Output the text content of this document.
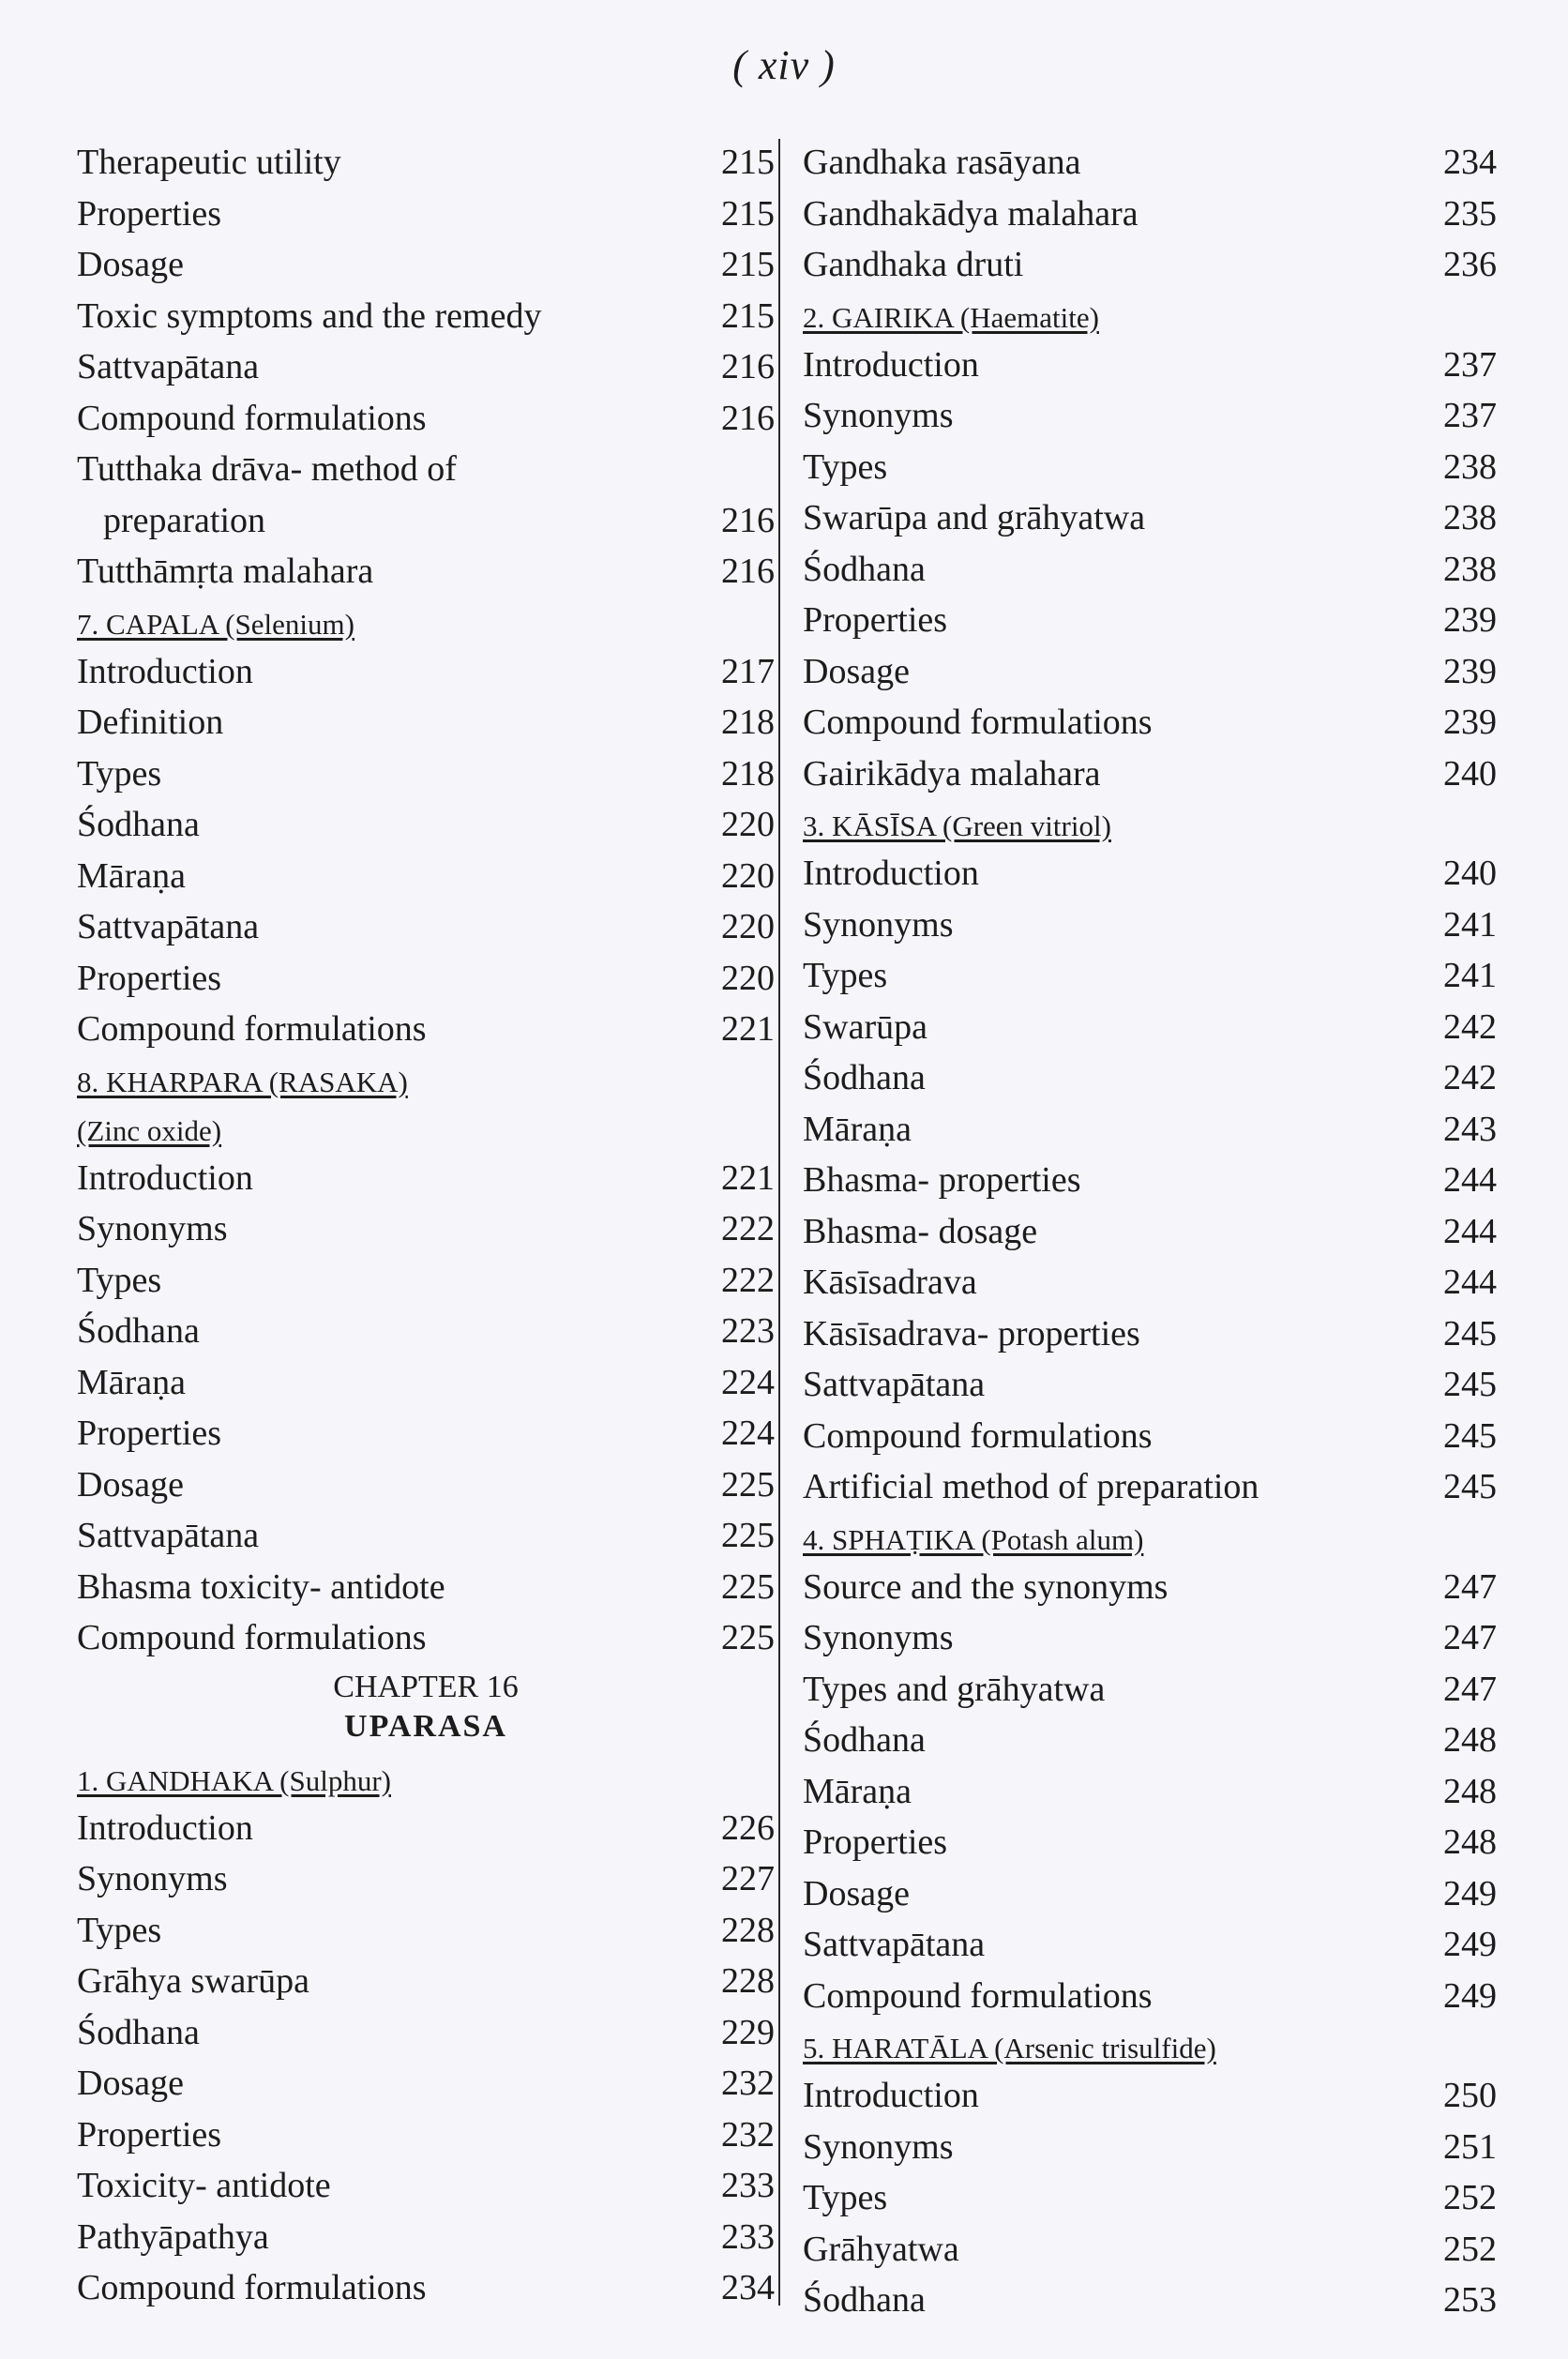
( xiv )
Therapeutic utility	215
Properties	215
Dosage	215
Toxic symptoms and the remedy	215
Sattvapātana	216
Compound formulations	216
Tutthaka drāva- method of
preparation	216
Tutthāmṛta malahara	216
7. CAPALA (Selenium)
Introduction	217
Definition	218
Types	218
Śodhana	220
Māraṇa	220
Sattvapātana	220
Properties	220
Compound formulations	221
8. KHARPARA (RASAKA)
(Zinc oxide)
Introduction	221
Synonyms	222
Types	222
Śodhana	223
Māraṇa	224
Properties	224
Dosage	225
Sattvapātana	225
Bhasma toxicity- antidote	225
Compound formulations	225
CHAPTER 16
UPARASA
1. GANDHAKA (Sulphur)
Introduction	226
Synonyms	227
Types	228
Grāhya swarūpa	228
Śodhana	229
Dosage	232
Properties	232
Toxicity- antidote	233
Pathyāpathya	233
Compound formulations	234
Gandhaka rasāyana	234
Gandhakādya malahara	235
Gandhaka druti	236
2. GAIRIKA (Haematite)
Introduction	237
Synonyms	237
Types	238
Swarūpa and grāhyatwa	238
Śodhana	238
Properties	239
Dosage	239
Compound formulations	239
Gairikādya malahara	240
3. KĀSĪSA (Green vitriol)
Introduction	240
Synonyms	241
Types	241
Swarūpa	242
Śodhana	242
Māraṇa	243
Bhasma- properties	244
Bhasma- dosage	244
Kāsīsadrava	244
Kāsīsadrava- properties	245
Sattvapātana	245
Compound formulations	245
Artificial method of preparation	245
4. SPHAṬIKA (Potash alum)
Source and the synonyms	247
Synonyms	247
Types and grāhyatwa	247
Śodhana	248
Māraṇa	248
Properties	248
Dosage	249
Sattvapātana	249
Compound formulations	249
5. HARATĀLA (Arsenic trisulfide)
Introduction	250
Synonyms	251
Types	252
Grāhyatwa	252
Śodhana	253
